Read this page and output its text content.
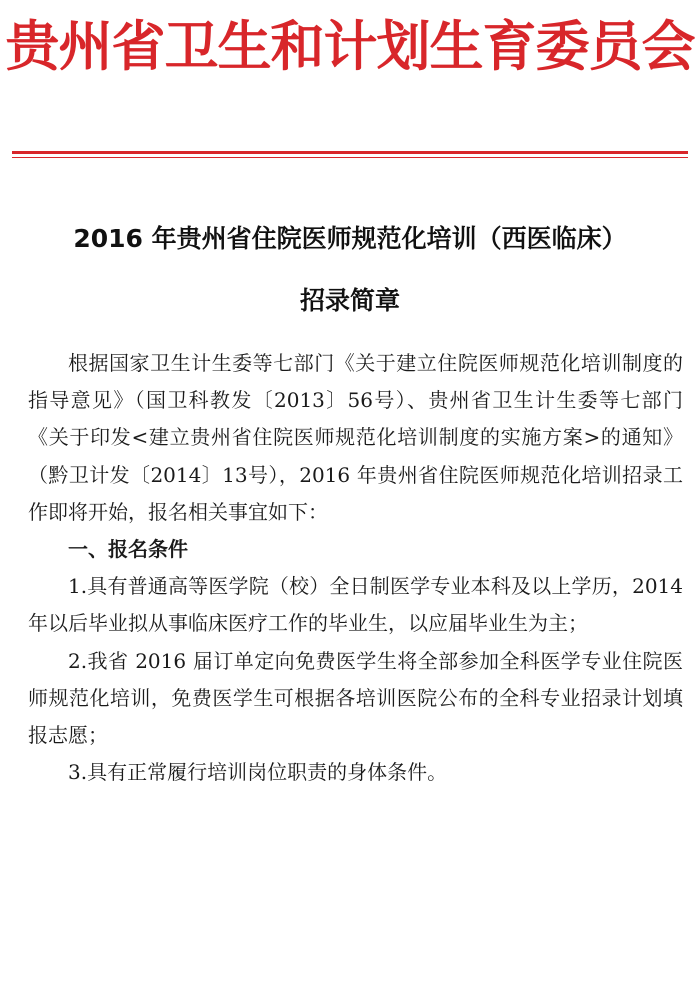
贵州省卫生和计划生育委员会
2016 年贵州省住院医师规范化培训（西医临床）
招录简章

根据国家卫生计生委等七部门《关于建立住院医师规范化培训制度的指导意见》（国卫科教发〔2013〕56号）、贵州省卫生计生委等七部门《关于印发<建立贵州省住院医师规范化培训制度的实施方案>的通知》（黔卫计发〔2014〕13号），2016 年贵州省住院医师规范化培训招录工作即将开始，报名相关事宜如下：

一、报名条件

1.具有普通高等医学院（校）全日制医学专业本科及以上学历，2014 年以后毕业拟从事临床医疗工作的毕业生，以应届毕业生为主；

2.我省 2016 届订单定向免费医学生将全部参加全科医学专业住院医师规范化培训，免费医学生可根据各培训医院公布的全科专业招录计划填报志愿；

3.具有正常履行培训岗位职责的身体条件。
